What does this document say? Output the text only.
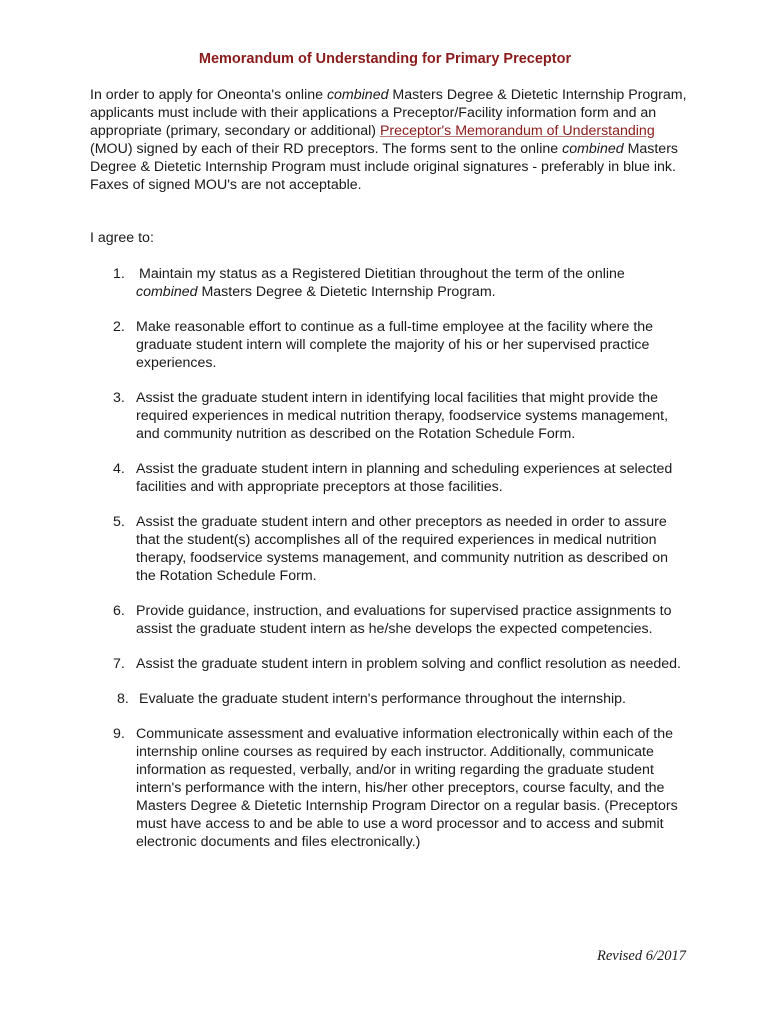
Memorandum of Understanding for Primary Preceptor
In order to apply for Oneonta's online combined Masters Degree & Dietetic Internship Program, applicants must include with their applications a Preceptor/Facility information form and an appropriate (primary, secondary or additional) Preceptor's Memorandum of Understanding (MOU) signed by each of their RD preceptors. The forms sent to the online combined Masters Degree & Dietetic Internship Program must include original signatures - preferably in blue ink. Faxes of signed MOU's are not acceptable.
I agree to:
1. Maintain my status as a Registered Dietitian throughout the term of the online combined Masters Degree & Dietetic Internship Program.
2. Make reasonable effort to continue as a full-time employee at the facility where the graduate student intern will complete the majority of his or her supervised practice experiences.
3. Assist the graduate student intern in identifying local facilities that might provide the required experiences in medical nutrition therapy, foodservice systems management, and community nutrition as described on the Rotation Schedule Form.
4. Assist the graduate student intern in planning and scheduling experiences at selected facilities and with appropriate preceptors at those facilities.
5. Assist the graduate student intern and other preceptors as needed in order to assure that the student(s) accomplishes all of the required experiences in medical nutrition therapy, foodservice systems management, and community nutrition as described on the Rotation Schedule Form.
6. Provide guidance, instruction, and evaluations for supervised practice assignments to assist the graduate student intern as he/she develops the expected competencies.
7. Assist the graduate student intern in problem solving and conflict resolution as needed.
8. Evaluate the graduate student intern's performance throughout the internship.
9. Communicate assessment and evaluative information electronically within each of the internship online courses as required by each instructor. Additionally, communicate information as requested, verbally, and/or in writing regarding the graduate student intern's performance with the intern, his/her other preceptors, course faculty, and the Masters Degree & Dietetic Internship Program Director on a regular basis. (Preceptors must have access to and be able to use a word processor and to access and submit electronic documents and files electronically.)
Revised 6/2017
